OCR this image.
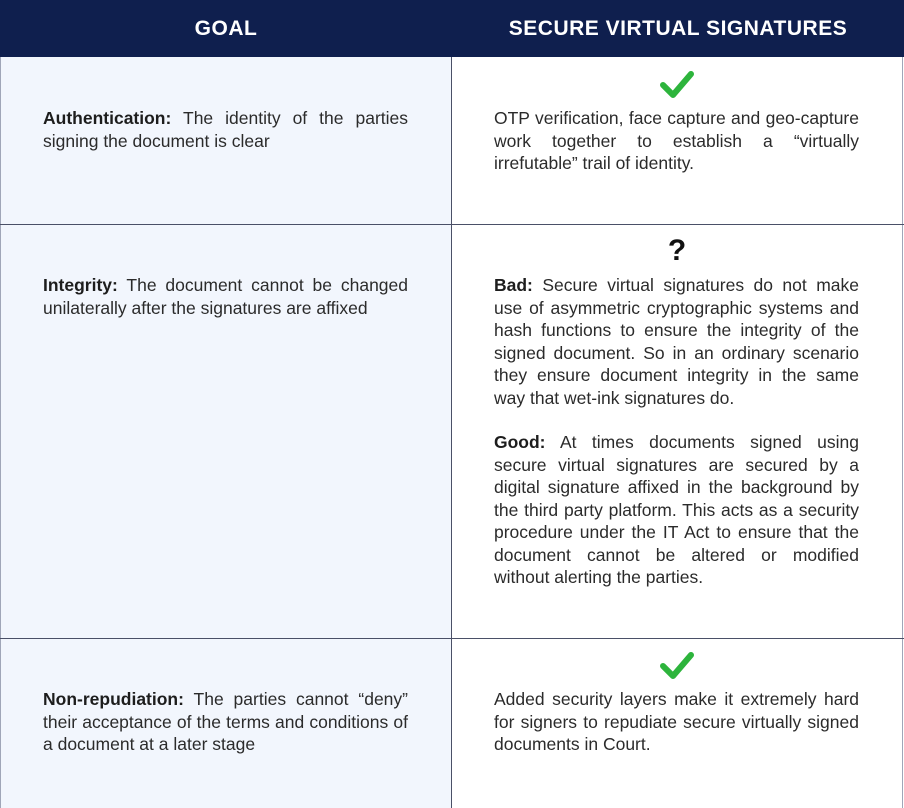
GOAL	SECURE VIRTUAL SIGNATURES
Authentication: The identity of the parties signing the document is clear
OTP verification, face capture and geo-capture work together to establish a “virtually irrefutable” trail of identity.
Integrity: The document cannot be changed unilaterally after the signatures are affixed
?
Bad: Secure virtual signatures do not make use of asymmetric cryptographic systems and hash functions to ensure the integrity of the signed document. So in an ordinary scenario they ensure document integrity in the same way that wet-ink signatures do.
Good: At times documents signed using secure virtual signatures are secured by a digital signature affixed in the background by the third party platform. This acts as a security procedure under the IT Act to ensure that the document cannot be altered or modified without alerting the parties.
Non-repudiation: The parties cannot “deny” their acceptance of the terms and conditions of a document at a later stage
Added security layers make it extremely hard for signers to repudiate secure virtually signed documents in Court.
